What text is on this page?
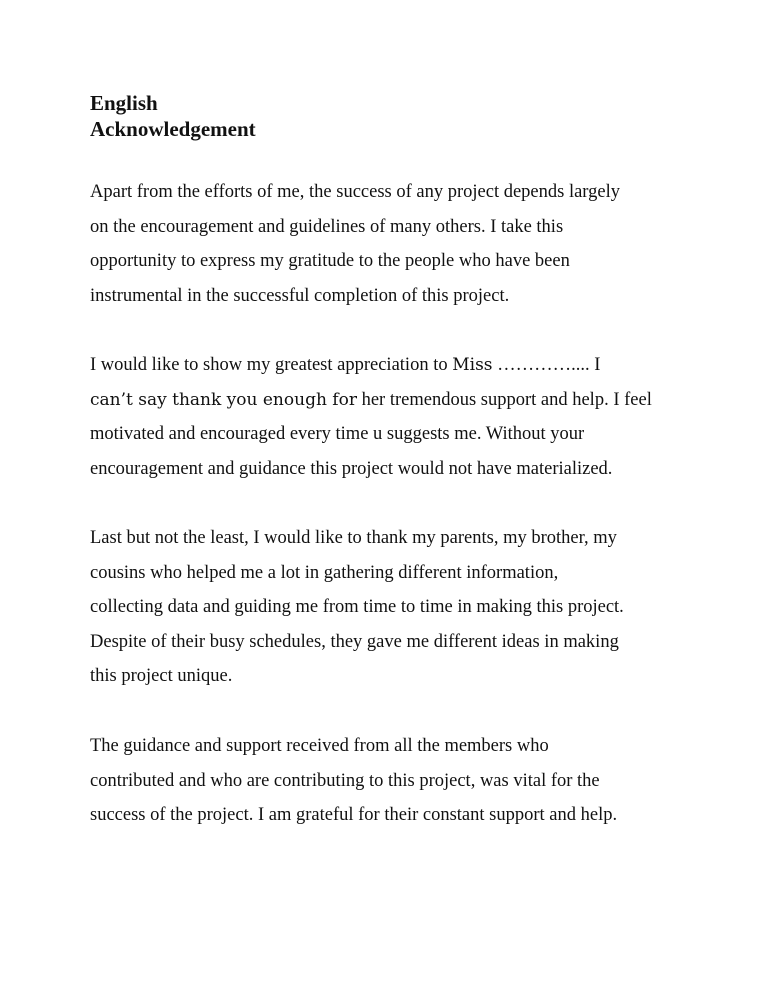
English
Acknowledgement

Apart from the efforts of me, the success of any project depends largely
on the encouragement and guidelines of many others. I take this
opportunity to express my gratitude to the people who have been
instrumental in the successful completion of this project.

I would like to show my greatest appreciation to Miss ………….... I
can’t say thank you enough for her tremendous support and help. I feel
motivated and encouraged every time u suggests me. Without your
encouragement and guidance this project would not have materialized.

Last but not the least, I would like to thank my parents, my brother, my
cousins who helped me a lot in gathering different information,
collecting data and guiding me from time to time in making this project.
Despite of their busy schedules, they gave me different ideas in making
this project unique.

The guidance and support received from all the members who
contributed and who are contributing to this project, was vital for the
success of the project. I am grateful for their constant support and help.
